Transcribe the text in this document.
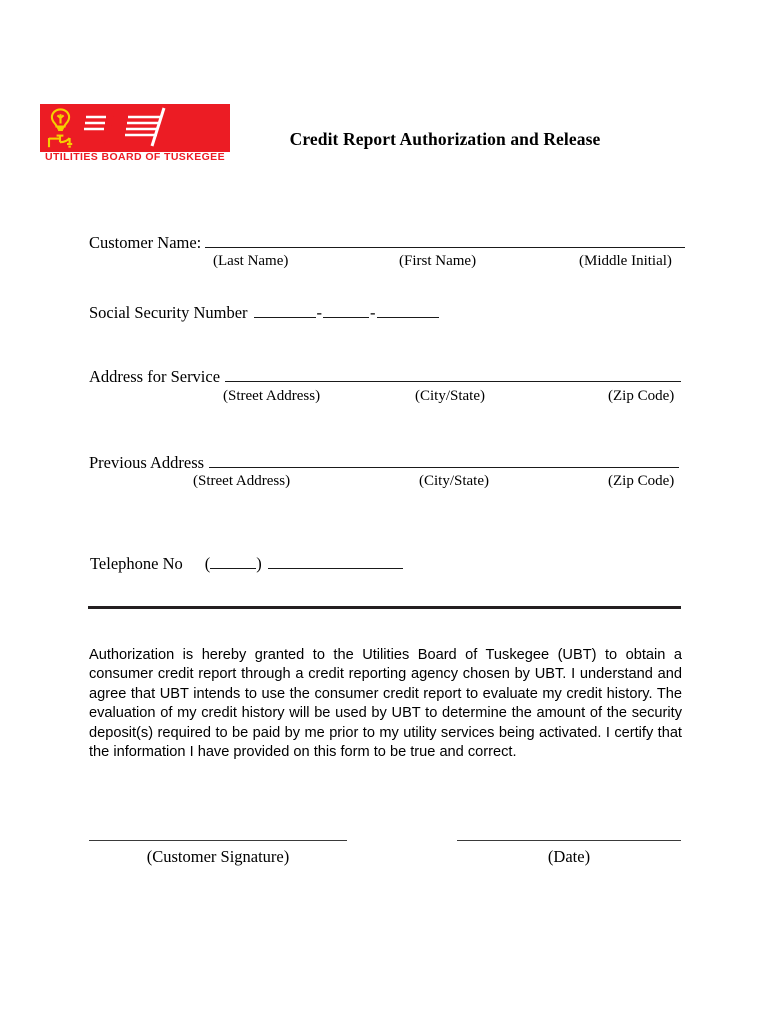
UTILITIES BOARD OF TUSKEGEE
Credit Report Authorization and Release
Customer Name:
(Last Name)	(First Name)	(Middle Initial)
Social Security Number	-	-
Address for Service
(Street Address)	(City/State)	(Zip Code)
Previous Address
(Street Address)	(City/State)	(Zip Code)
Telephone No (	)
Authorization is hereby granted to the Utilities Board of Tuskegee (UBT) to obtain a consumer credit report through a credit reporting agency chosen by UBT. I understand and agree that UBT intends to use the consumer credit report to evaluate my credit history. The evaluation of my credit history will be used by UBT to determine the amount of the security deposit(s) required to be paid by me prior to my utility services being activated. I certify that the information I have provided on this form to be true and correct.
(Customer Signature)	(Date)
